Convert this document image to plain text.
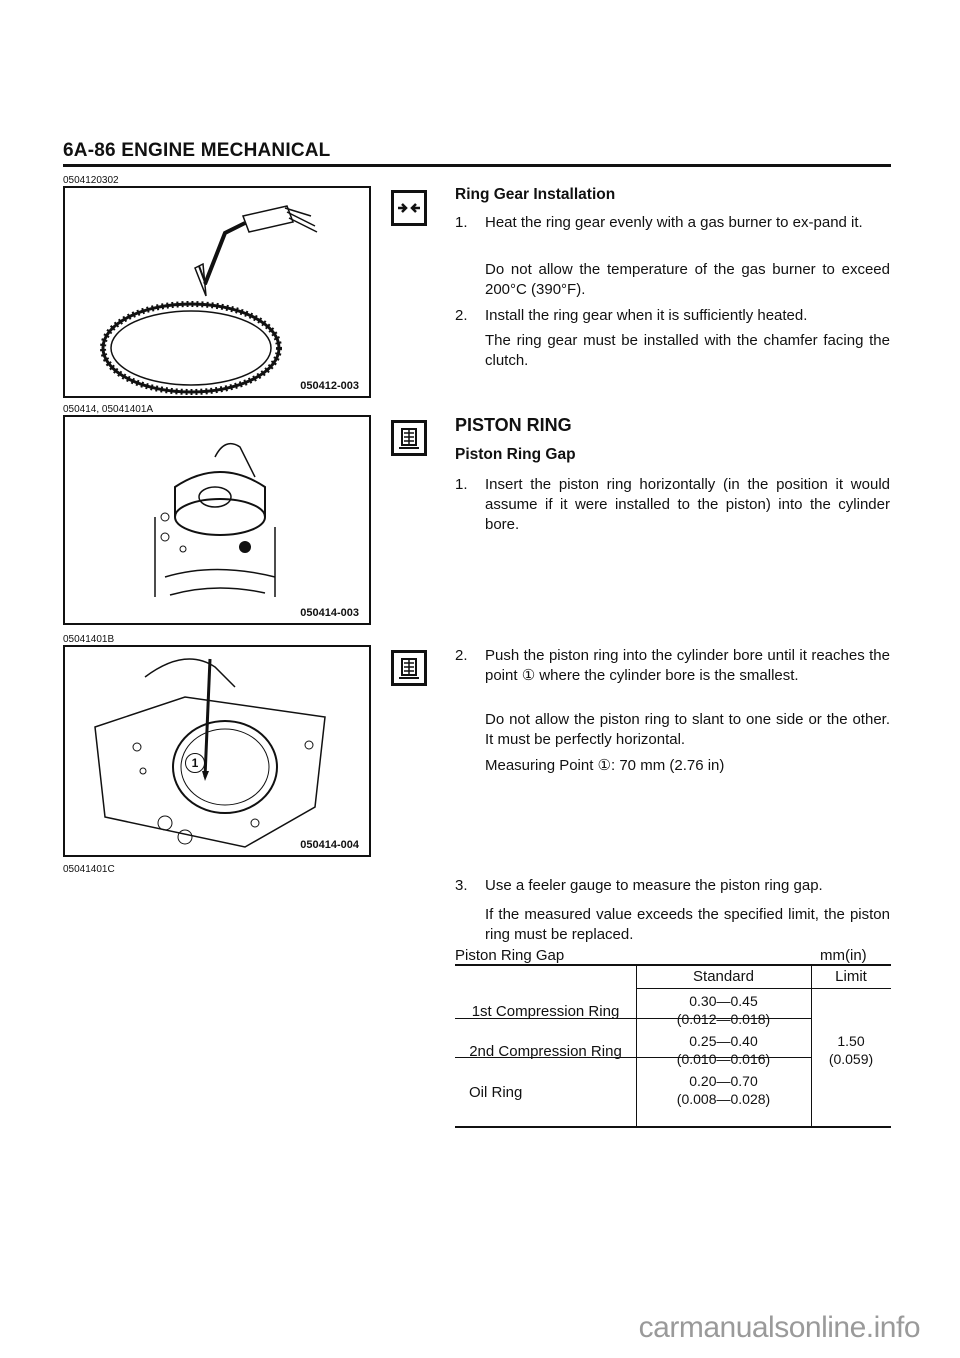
6A-86 ENGINE MECHANICAL
0504120302
050412-003
050414, 05041401A
050414-003
05041401B
1
050414-004
05041401C
Ring Gear Installation
1. Heat the ring gear evenly with a gas burner to ex-pand it.
Do not allow the temperature of the gas burner to exceed 200°C (390°F).
2. Install the ring gear when it is sufficiently heated.
The ring gear must be installed with the chamfer facing the clutch.
PISTON RING
Piston Ring Gap
1. Insert the piston ring horizontally (in the position it would assume if it were installed to the piston) into the cylinder bore.
2. Push the piston ring into the cylinder bore until it reaches the point ① where the cylinder bore is the smallest.
Do not allow the piston ring to slant to one side or the other. It must be perfectly horizontal.
Measuring Point ①: 70 mm (2.76 in)
3. Use a feeler gauge to measure the piston ring gap.
If the measured value exceeds the specified limit, the piston ring must be replaced.
Piston Ring Gap	mm(in)
Standard	Limit
1st Compression Ring
0.30—0.45
(0.012—0.018)
2nd Compression Ring
0.25—0.40
(0.010—0.016)
Oil Ring
0.20—0.70
(0.008—0.028)
1.50
(0.059)
carmanualsonline.info
